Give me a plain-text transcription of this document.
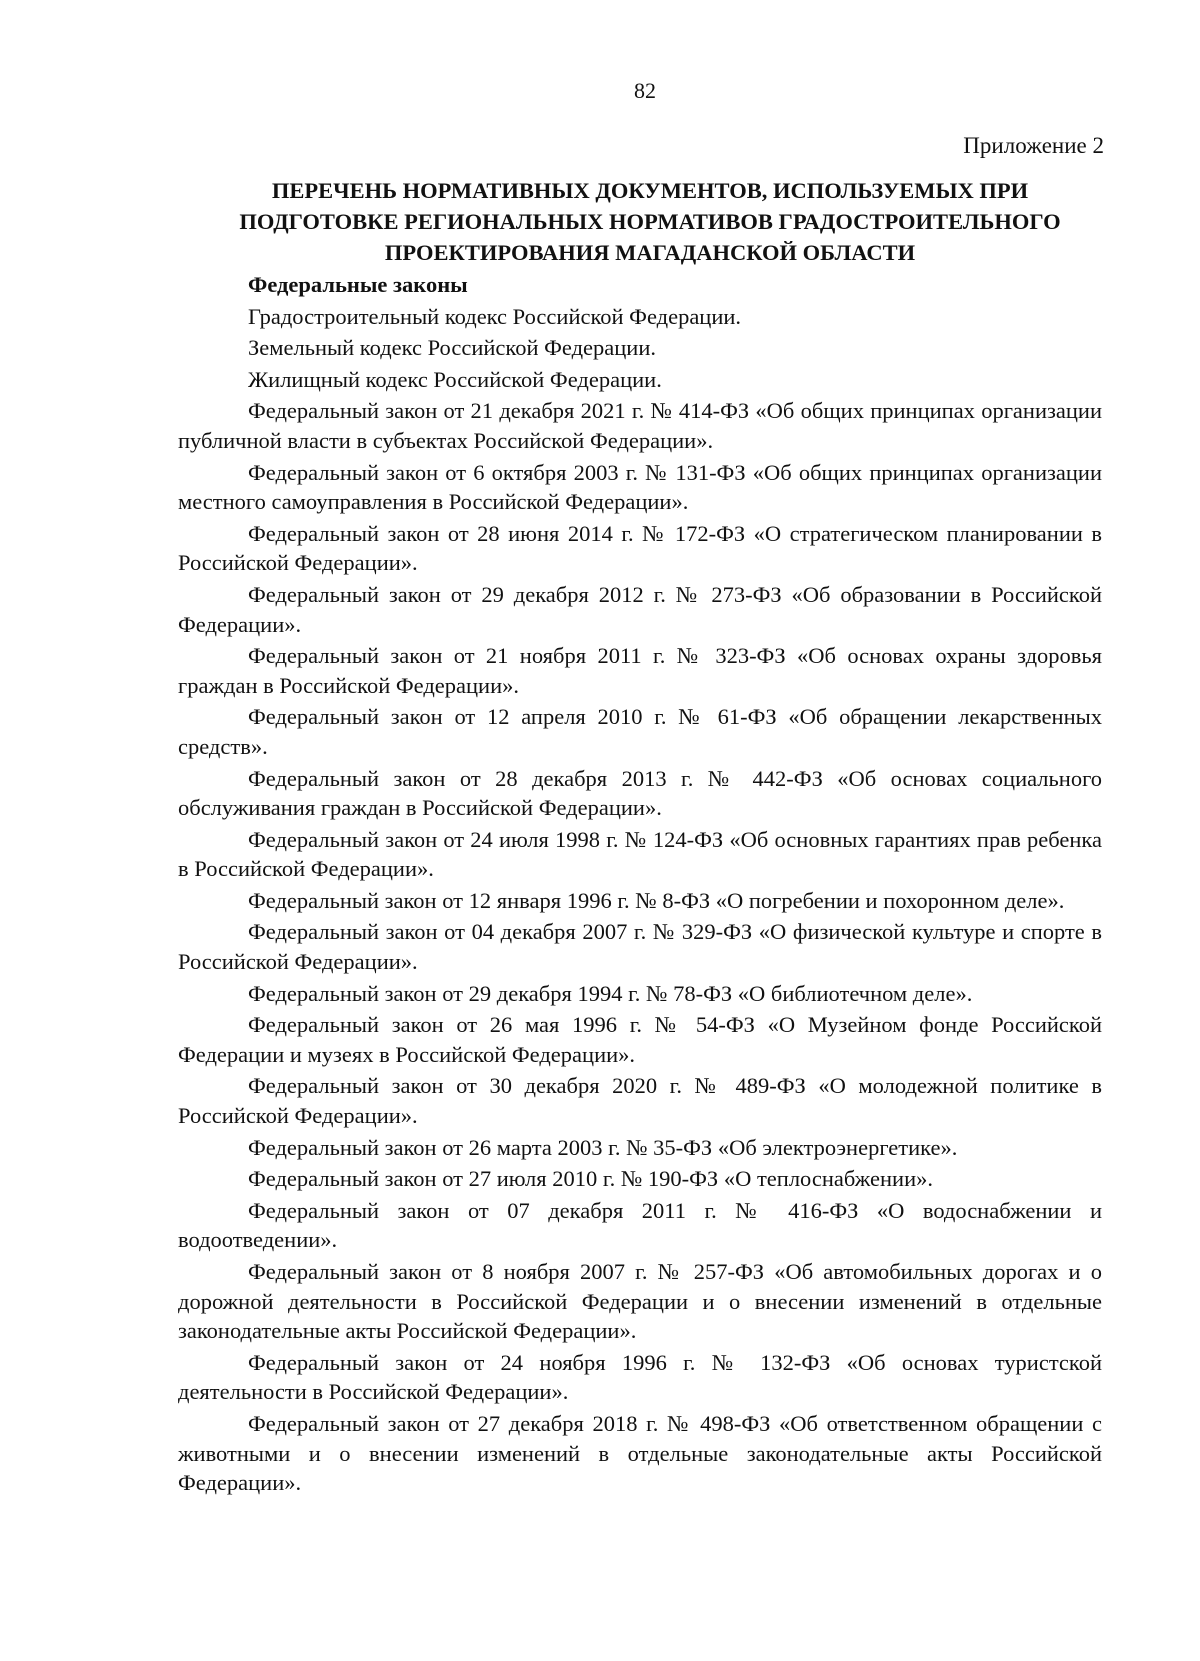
82
Приложение 2
ПЕРЕЧЕНЬ НОРМАТИВНЫХ ДОКУМЕНТОВ, ИСПОЛЬЗУЕМЫХ ПРИ
ПОДГОТОВКЕ РЕГИОНАЛЬНЫХ НОРМАТИВОВ ГРАДОСТРОИТЕЛЬНОГО
ПРОЕКТИРОВАНИЯ МАГАДАНСКОЙ ОБЛАСТИ

Федеральные законы

Градостроительный кодекс Российской Федерации.

Земельный кодекс Российской Федерации.

Жилищный кодекс Российской Федерации.

Федеральный закон от 21 декабря 2021 г. № 414-ФЗ «Об общих принципах организации публичной власти в субъектах Российской Федерации».

Федеральный закон от 6 октября 2003 г. № 131-ФЗ «Об общих принципах организации местного самоуправления в Российской Федерации».

Федеральный закон от 28 июня 2014 г. № 172-ФЗ «О стратегическом планировании в Российской Федерации».

Федеральный закон от 29 декабря 2012 г. № 273-ФЗ «Об образовании в Российской Федерации».

Федеральный закон от 21 ноября 2011 г. № 323-ФЗ «Об основах охраны здоровья граждан в Российской Федерации».

Федеральный закон от 12 апреля 2010 г. № 61-ФЗ «Об обращении лекарственных средств».

Федеральный закон от 28 декабря 2013 г. № 442-ФЗ «Об основах социального обслуживания граждан в Российской Федерации».

Федеральный закон от 24 июля 1998 г. № 124-ФЗ «Об основных гарантиях прав ребенка в Российской Федерации».

Федеральный закон от 12 января 1996 г. № 8-ФЗ «О погребении и похоронном деле».

Федеральный закон от 04 декабря 2007 г. № 329-ФЗ «О физической культуре и спорте в Российской Федерации».

Федеральный закон от 29 декабря 1994 г. № 78-ФЗ «О библиотечном деле».

Федеральный закон от 26 мая 1996 г. № 54-ФЗ «О Музейном фонде Российской Федерации и музеях в Российской Федерации».

Федеральный закон от 30 декабря 2020 г. № 489-ФЗ «О молодежной политике в Российской Федерации».

Федеральный закон от 26 марта 2003 г. № 35-ФЗ «Об электроэнергетике».

Федеральный закон от 27 июля 2010 г. № 190-ФЗ «О теплоснабжении».

Федеральный закон от 07 декабря 2011 г. № 416-ФЗ «О водоснабжении и водоотведении».

Федеральный закон от 8 ноября 2007 г. № 257-ФЗ «Об автомобильных дорогах и о дорожной деятельности в Российской Федерации и о внесении изменений в отдельные законодательные акты Российской Федерации».

Федеральный закон от 24 ноября 1996 г. № 132-ФЗ «Об основах туристской деятельности в Российской Федерации».

Федеральный закон от 27 декабря 2018 г. № 498-ФЗ «Об ответственном обращении с животными и о внесении изменений в отдельные законодательные акты Российской Федерации».
